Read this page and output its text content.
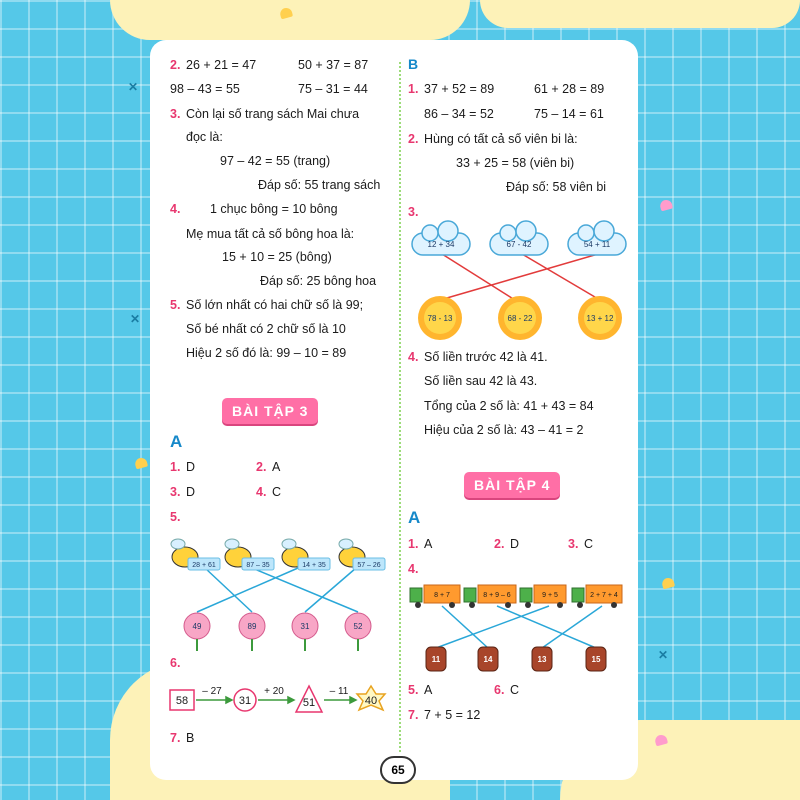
✕
✕
✕
2. 26 + 21 = 47	50 + 37 = 87
98 – 43 = 55	75 – 31 = 44
3. Còn lại số trang sách Mai chưa
đọc là:
97 – 42 = 55 (trang)
Đáp số: 55 trang sách
4. 1 chục bông = 10 bông
Mẹ mua tất cả số bông hoa là:
15 + 10 = 25 (bông)
Đáp số: 25 bông hoa
5. Số lớn nhất có hai chữ số là 99;
Số bé nhất có 2 chữ số là 10
Hiệu 2 số đó là: 99 – 10 = 89
BÀI TẬP 3
A
1. D	2. A
3. D	4. C
5.
28 + 61	87 – 35	14 + 35	57 – 26
49	89	31	52
58	31	51	40
– 27	+ 20	– 11
6.
7. B
B
1. 37 + 52 = 89	61 + 28 = 89
86 – 34 = 52	75 – 14 = 61
2. Hùng có tất cả số viên bi là:
33 + 25 = 58 (viên bi)
Đáp số: 58 viên bi
3.
12 + 34	67 - 42	54 + 11
78 - 13	68 - 22	13 + 12
4. Số liền trước 42 là 41.
Số liền sau 42 là 43.
Tổng của 2 số là: 41 + 43 = 84
Hiệu của 2 số là: 43 – 41 = 2
BÀI TẬP 4
A
1. A	2. D	3. C
4.
8 + 7	8 + 9 – 6	9 + 5	2 + 7 + 4
11	14	13	15
5. A	6. C
7. 7 + 5 = 12
65
